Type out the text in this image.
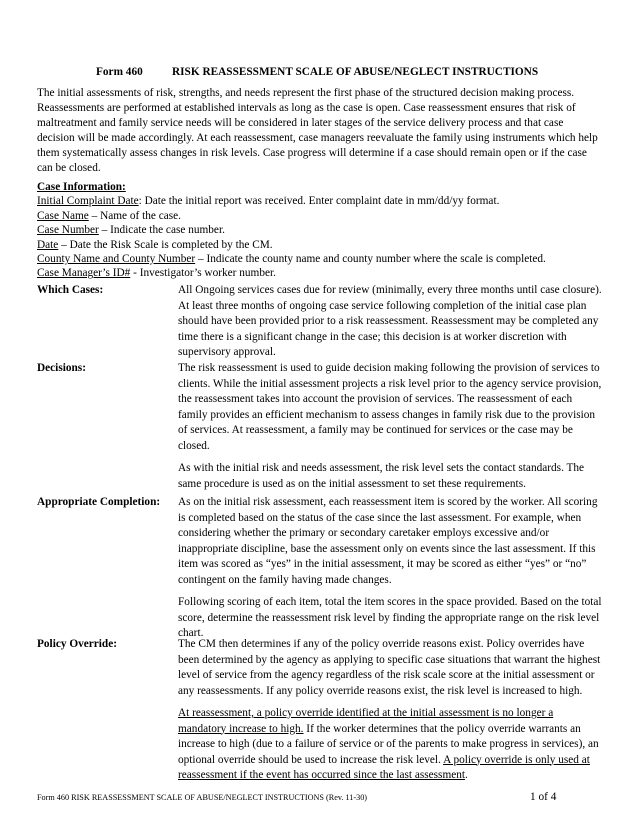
Form 460	RISK REASSESSMENT SCALE OF ABUSE/NEGLECT INSTRUCTIONS

The initial assessments of risk, strengths, and needs represent the first phase of the structured decision making process. Reassessments are performed at established intervals as long as the case is open. Case reassessment ensures that risk of maltreatment and family service needs will be considered in later stages of the service delivery process and that case decision will be made accordingly. At each reassessment, case managers reevaluate the family using instruments which help them systematically assess changes in risk levels. Case progress will determine if a case should remain open or if the case can be closed.

Case Information:
Initial Complaint Date: Date the initial report was received. Enter complaint date in mm/dd/yy format.
Case Name – Name of the case.
Case Number – Indicate the case number.
Date – Date the Risk Scale is completed by the CM.
County Name and County Number – Indicate the county name and county number where the scale is completed.
Case Manager’s ID# - Investigator’s worker number.
Which Cases:	All Ongoing services cases due for review (minimally, every three months until case closure). At least three months of ongoing case service following completion of the initial case plan should have been provided prior to a risk reassessment. Reassessment may be completed any time there is a significant change in the case; this decision is at worker discretion with supervisory approval.

Decisions:	The risk reassessment is used to guide decision making following the provision of services to clients. While the initial assessment projects a risk level prior to the agency service provision, the reassessment takes into account the provision of services. The reassessment of each family provides an efficient mechanism to assess changes in family risk due to the provision of services. At reassessment, a family may be continued for services or the case may be closed.

As with the initial risk and needs assessment, the risk level sets the contact standards. The same procedure is used as on the initial assessment to set these requirements.

Appropriate Completion: As on the initial risk assessment, each reassessment item is scored by the worker. All scoring is completed based on the status of the case since the last assessment. For example, when considering whether the primary or secondary caretaker employs excessive and/or inappropriate discipline, base the assessment only on events since the last assessment. If this item was scored as “yes” in the initial assessment, it may be scored as either “yes” or “no” contingent on the family having made changes.

Following scoring of each item, total the item scores in the space provided. Based on the total score, determine the reassessment risk level by finding the appropriate range on the risk level chart.

Policy Override:	The CM then determines if any of the policy override reasons exist. Policy overrides have been determined by the agency as applying to specific case situations that warrant the highest level of service from the agency regardless of the risk scale score at the initial assessment or any reassessments. If any policy override reasons exist, the risk level is increased to high.

At reassessment, a policy override identified at the initial assessment is no longer a mandatory increase to high. If the worker determines that the policy override warrants an increase to high (due to a failure of service or of the parents to make progress in services), an optional override should be used to increase the risk level. A policy override is only used at reassessment if the event has occurred since the last assessment.

Form 460 RISK REASSESSMENT SCALE OF ABUSE/NEGLECT INSTRUCTIONS (Rev. 11-30)	1 of 4
